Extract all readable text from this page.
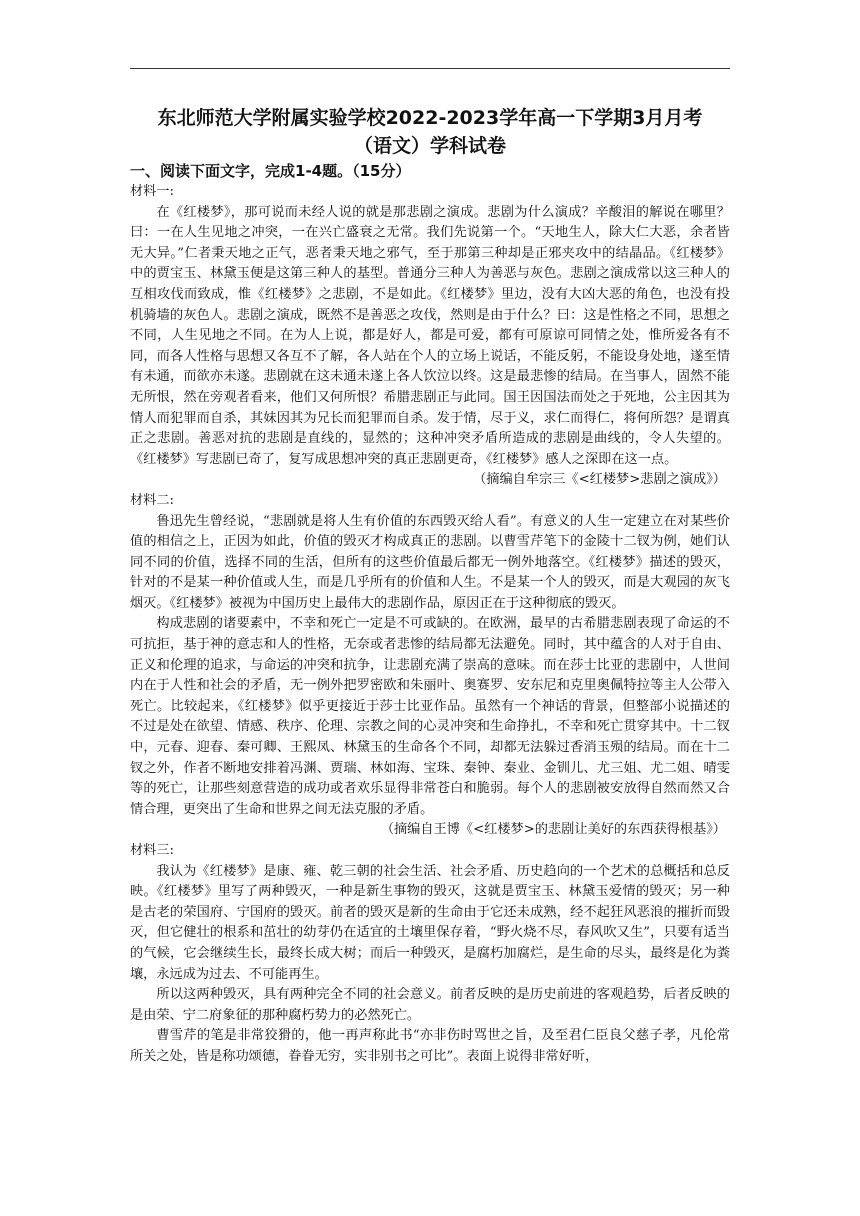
东北师范大学附属实验学校2022-2023学年高一下学期3月月考
（语文）学科试卷

一、阅读下面文字，完成1-4题。（15分）

材料一:

在《红楼梦》，那可说而未经人说的就是那悲剧之演成。悲剧为什么演成？辛酸泪的解说在哪里？曰：一在人生见地之冲突，一在兴亡盛衰之无常。我们先说第一个。“天地生人，除大仁大恶，余者皆无大异。”仁者秉天地之正气，恶者秉天地之邪气，至于那第三种却是正邪夹攻中的结晶品。《红楼梦》中的贾宝玉、林黛玉便是这第三种人的基型。普通分三种人为善恶与灰色。悲剧之演成常以这三种人的互相攻伐而致成，惟《红楼梦》之悲剧，不是如此。《红楼梦》里边，没有大凶大恶的角色，也没有投机骑墙的灰色人。悲剧之演成，既然不是善恶之攻伐，然则是由于什么？曰：这是性格之不同，思想之不同，人生见地之不同。在为人上说，都是好人，都是可爱，都有可原谅可同情之处，惟所爱各有不同，而各人性格与思想又各互不了解，各人站在个人的立场上说话，不能反躬，不能设身处地，遂至情有未通，而欲亦未遂。悲剧就在这未通未遂上各人饮泣以终。这是最悲惨的结局。在当事人，固然不能无所恨，然在旁观者看来，他们又何所恨？希腊悲剧正与此同。国王因国法而处之于死地，公主因其为情人而犯罪而自杀，其妹因其为兄长而犯罪而自杀。发于情，尽于义，求仁而得仁，将何所怨？是谓真正之悲剧。善恶对抗的悲剧是直线的，显然的；这种冲突矛盾所造成的悲剧是曲线的，令人失望的。《红楼梦》写悲剧已奇了，复写成思想冲突的真正悲剧更奇，《红楼梦》感人之深即在这一点。

（摘编自牟宗三《<红楼梦>悲剧之演成》）

材料二:

鲁迅先生曾经说，“悲剧就是将人生有价值的东西毁灭给人看”。有意义的人生一定建立在对某些价值的相信之上，正因为如此，价值的毁灭才构成真正的悲剧。以曹雪芹笔下的金陵十二钗为例，她们认同不同的价值，选择不同的生活，但所有的这些价值最后都无一例外地落空。《红楼梦》描述的毁灭，针对的不是某一种价值或人生，而是几乎所有的价值和人生。不是某一个人的毁灭，而是大观园的灰飞烟灭。《红楼梦》被视为中国历史上最伟大的悲剧作品，原因正在于这种彻底的毁灭。

构成悲剧的诸要素中，不幸和死亡一定是不可或缺的。在欧洲，最早的古希腊悲剧表现了命运的不可抗拒，基于神的意志和人的性格，无奈或者悲惨的结局都无法避免。同时，其中蕴含的人对于自由、正义和伦理的追求，与命运的冲突和抗争，让悲剧充满了崇高的意味。而在莎士比亚的悲剧中，人世间内在于人性和社会的矛盾，无一例外把罗密欧和朱丽叶、奥赛罗、安东尼和克里奥佩特拉等主人公带入死亡。比较起来，《红楼梦》似乎更接近于莎士比亚作品。虽然有一个神话的背景，但整部小说描述的不过是处在欲望、情感、秩序、伦理、宗教之间的心灵冲突和生命挣扎，不幸和死亡贯穿其中。十二钗中，元春、迎春、秦可卿、王熙凤、林黛玉的生命各个不同，却都无法躲过香消玉殒的结局。而在十二钗之外，作者不断地安排着冯渊、贾瑞、林如海、宝珠、秦钟、秦业、金钏儿、尤三姐、尤二姐、晴雯等的死亡，让那些刻意营造的成功或者欢乐显得非常苍白和脆弱。每个人的悲剧被安放得自然而然又合情合理，更突出了生命和世界之间无法克服的矛盾。

（摘编自王博《<红楼梦>的悲剧让美好的东西获得根基》）

材料三:

我认为《红楼梦》是康、雍、乾三朝的社会生活、社会矛盾、历史趋向的一个艺术的总概括和总反映。《红楼梦》里写了两种毁灭，一种是新生事物的毁灭，这就是贾宝玉、林黛玉爱情的毁灭；另一种是古老的荣国府、宁国府的毁灭。前者的毁灭是新的生命由于它还未成熟，经不起狂风恶浪的摧折而毁灭，但它健壮的根系和茁壮的幼芽仍在适宜的土壤里保存着，“野火烧不尽，春风吹又生”，只要有适当的气候，它会继续生长，最终长成大树；而后一种毁灭，是腐朽加腐烂，是生命的尽头，最终是化为粪壤，永远成为过去、不可能再生。

所以这两种毁灭，具有两种完全不同的社会意义。前者反映的是历史前进的客观趋势，后者反映的是由荣、宁二府象征的那种腐朽势力的必然死亡。

曹雪芹的笔是非常狡猾的，他一再声称此书“亦非伤时骂世之旨，及至君仁臣良父慈子孝，凡伦常所关之处，皆是称功颂德，眷眷无穷，实非别书之可比”。表面上说得非常好听，
